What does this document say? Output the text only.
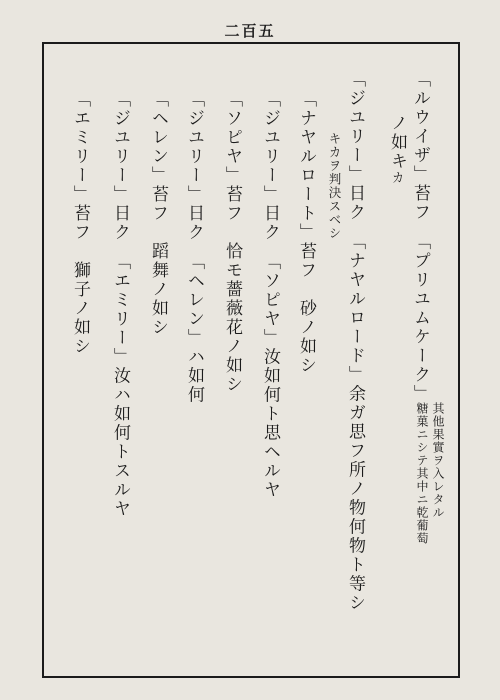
二百五
「ルウイザ」苔フ　「プリユムケーク」
ノ如キカ
糖菓ニシテ其中ニ乾葡萄 其他果實ヲ入レタル
「ジユリー」日ク　「ナヤルロード」余ガ思フ所ノ物何物ト等シ
キカヲ判決スベシ
「ナヤルロート」苔フ　砂ノ如シ
「ジユリー」日ク　「ソピヤ」汝如何ト思ヘルヤ
「ソピヤ」苔フ　恰モ薔薇花ノ如シ
「ジユリー」日ク　「ヘレン」ハ如何
「ヘレン」苔フ　蹈舞ノ如シ
「ジユリー」日ク　「エミリー」汝ハ如何トスルヤ
「エミリー」苔フ　獅子ノ如シ
